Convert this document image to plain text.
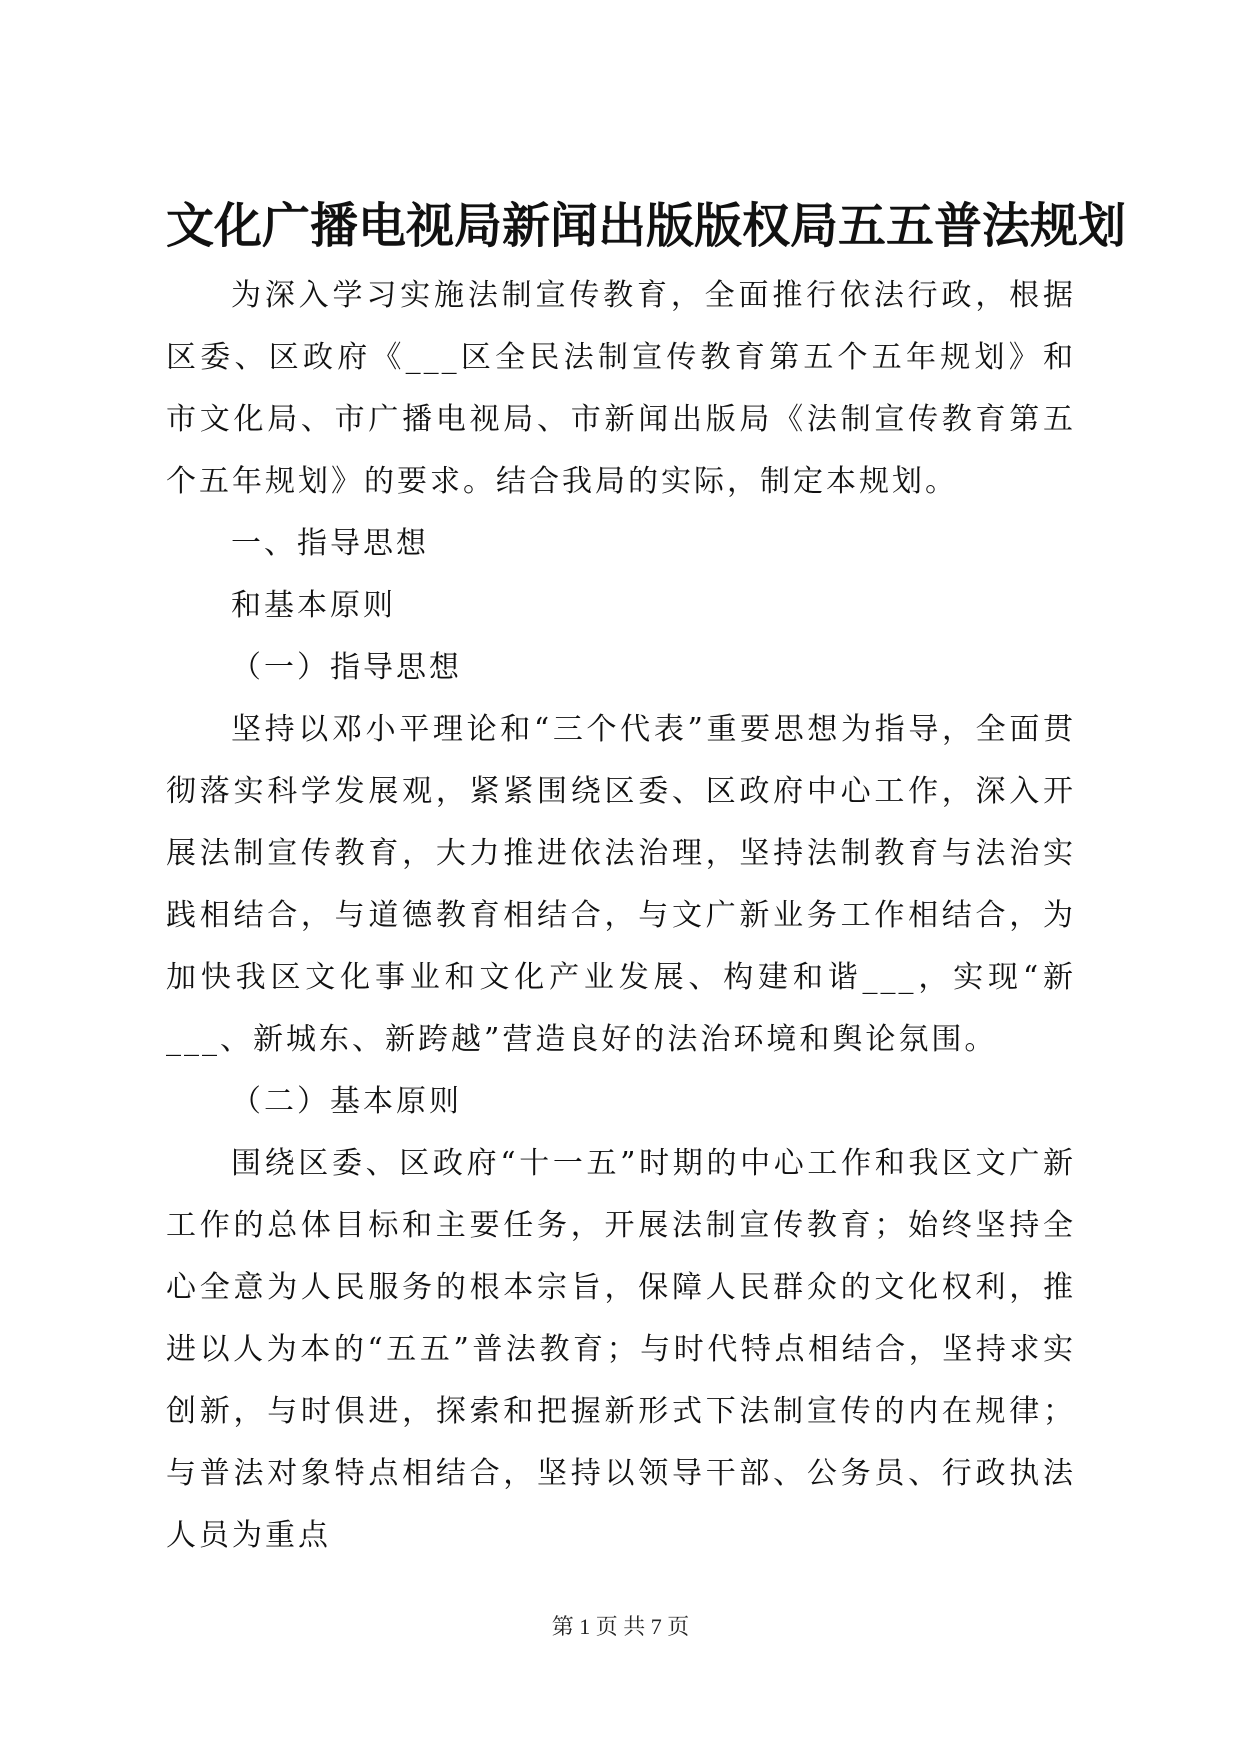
文化广播电视局新闻出版版权局五五普法规划

为深入学习实施法制宣传教育，全面推行依法行政，根据区委、区政府《___区全民法制宣传教育第五个五年规划》和市文化局、市广播电视局、市新闻出版局《法制宣传教育第五个五年规划》的要求。结合我局的实际，制定本规划。

一、指导思想

和基本原则

（一）指导思想

坚持以邓小平理论和“三个代表”重要思想为指导，全面贯彻落实科学发展观，紧紧围绕区委、区政府中心工作，深入开展法制宣传教育，大力推进依法治理，坚持法制教育与法治实践相结合，与道德教育相结合，与文广新业务工作相结合，为加快我区文化事业和文化产业发展、构建和谐___，实现“新___、新城东、新跨越”营造良好的法治环境和舆论氛围。

（二）基本原则

围绕区委、区政府“十一五”时期的中心工作和我区文广新工作的总体目标和主要任务，开展法制宣传教育；始终坚持全心全意为人民服务的根本宗旨，保障人民群众的文化权利，推进以人为本的“五五”普法教育；与时代特点相结合，坚持求实创新，与时俱进，探索和把握新形式下法制宣传的内在规律；与普法对象特点相结合，坚持以领导干部、公务员、行政执法人员为重点

第 1 页 共 7 页
